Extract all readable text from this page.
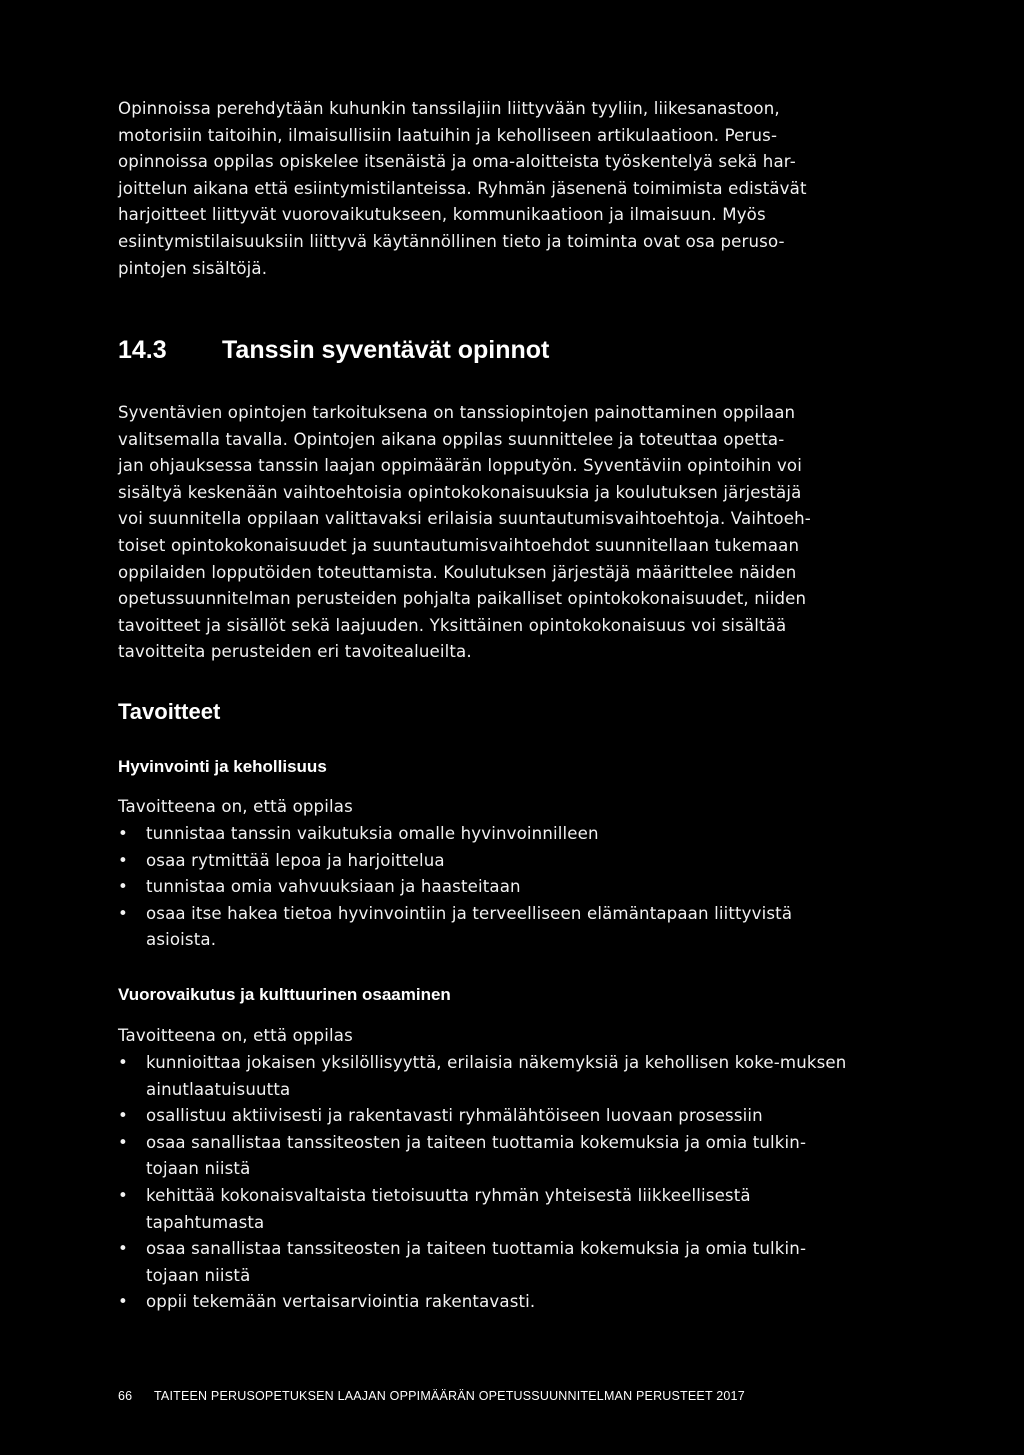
Opinnoissa perehdytään kuhunkin tanssilajiin liittyvään tyyliin, liikesanastoon,
motorisiin taitoihin, ilmaisullisiin laatuihin ja keholliseen artikulaatioon. Perus-
opinnoissa oppilas opiskelee itsenäistä ja oma-aloitteista työskentelyä sekä har-
joittelun aikana että esiintymistilanteissa. Ryhmän jäsenenä toimimista edistävät
harjoitteet liittyvät vuorovaikutukseen, kommunikaatioon ja ilmaisuun. Myös
esiintymistilaisuuksiin liittyvä käytännöllinen tieto ja toiminta ovat osa peruso-
pintojen sisältöjä.

14.3 Tanssin syventävät opinnot

Syventävien opintojen tarkoituksena on tanssiopintojen painottaminen oppilaan
valitsemalla tavalla. Opintojen aikana oppilas suunnittelee ja toteuttaa opetta-
jan ohjauksessa tanssin laajan oppimäärän lopputyön. Syventäviin opintoihin voi
sisältyä keskenään vaihtoehtoisia opintokokonaisuuksia ja koulutuksen järjestäjä
voi suunnitella oppilaan valittavaksi erilaisia suuntautumisvaihtoehtoja. Vaihtoeh-
toiset opintokokonaisuudet ja suuntautumisvaihtoehdot suunnitellaan tukemaan
oppilaiden lopputöiden toteuttamista. Koulutuksen järjestäjä määrittelee näiden
opetussuunnitelman perusteiden pohjalta paikalliset opintokokonaisuudet, niiden
tavoitteet ja sisällöt sekä laajuuden. Yksittäinen opintokokonaisuus voi sisältää
tavoitteita perusteiden eri tavoitealueilta.

Tavoitteet
Hyvinvointi ja kehollisuus

Tavoitteena on, että oppilas

• tunnistaa tanssin vaikutuksia omalle hyvinvoinnilleen
• osaa rytmittää lepoa ja harjoittelua
• tunnistaa omia vahvuuksiaan ja haasteitaan
• osaa itse hakea tietoa hyvinvointiin ja terveelliseen elämäntapaan liittyvistä asioista.
Vuorovaikutus ja kulttuurinen osaaminen

Tavoitteena on, että oppilas

• kunnioittaa jokaisen yksilöllisyyttä, erilaisia näkemyksiä ja kehollisen koke-muksen ainutlaatuisuutta
• osallistuu aktiivisesti ja rakentavasti ryhmälähtöiseen luovaan prosessiin
• osaa sanallistaa tanssiteosten ja taiteen tuottamia kokemuksia ja omia tulkin-tojaan niistä
• kehittää kokonaisvaltaista tietoisuutta ryhmän yhteisestä liikkeellisestä tapahtumasta
• osaa sanallistaa tanssiteosten ja taiteen tuottamia kokemuksia ja omia tulkin-tojaan niistä
• oppii tekemään vertaisarviointia rakentavasti.
66 TAITEEN PERUSOPETUKSEN LAAJAN OPPIMÄÄRÄN OPETUSSUUNNITELMAN PERUSTEET 2017
